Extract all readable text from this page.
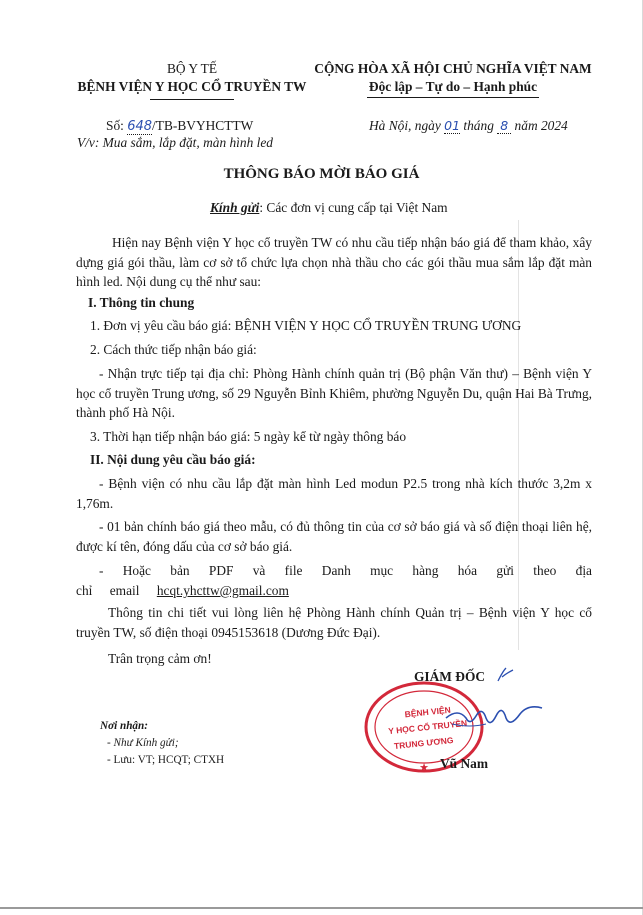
BỘ Y TẾ
BỆNH VIỆN Y HỌC CỔ TRUYỀN TW
Số: 648/TB-BVYHCTTW
V/v: Mua sắm, lắp đặt, màn hình led
CỘNG HÒA XÃ HỘI CHỦ NGHĨA VIỆT NAM
Độc lập – Tự do – Hạnh phúc
Hà Nội, ngày 01 tháng 8 năm 2024
THÔNG BÁO MỜI BÁO GIÁ
Kính gửi: Các đơn vị cung cấp tại Việt Nam
Hiện nay Bệnh viện Y học cổ truyền TW có nhu cầu tiếp nhận báo giá để tham khảo, xây dựng giá gói thầu, làm cơ sở tổ chức lựa chọn nhà thầu cho các gói thầu mua sắm lắp đặt màn hình led. Nội dung cụ thể như sau:
I. Thông tin chung
1. Đơn vị yêu cầu báo giá: BỆNH VIỆN Y HỌC CỔ TRUYỀN TRUNG ƯƠNG
2. Cách thức tiếp nhận báo giá:
- Nhận trực tiếp tại địa chỉ: Phòng Hành chính quản trị (Bộ phận Văn thư) – Bệnh viện Y học cổ truyền Trung ương, số 29 Nguyễn Bỉnh Khiêm, phường Nguyễn Du, quận Hai Bà Trưng, thành phố Hà Nội.
3. Thời hạn tiếp nhận báo giá: 5 ngày kể từ ngày thông báo
II. Nội dung yêu cầu báo giá:
- Bệnh viện có nhu cầu lắp đặt màn hình Led modun P2.5 trong nhà kích thước 3,2m x 1,76m.
- 01 bản chính báo giá theo mẫu, có đủ thông tin của cơ sở báo giá và số điện thoại liên hệ, được kí tên, đóng dấu của cơ sở báo giá.
- Hoặc bản PDF và file Danh mục hàng hóa gửi theo địa chỉ email hcqt.yhcttw@gmail.com
Thông tin chi tiết vui lòng liên hệ Phòng Hành chính Quản trị – Bệnh viện Y học cổ truyền TW, số điện thoại 0945153618 (Dương Đức Đại).
Trân trọng cảm ơn!
Nơi nhận:
- Như Kính gửi;
- Lưu: VT; HCQT; CTXH
GIÁM ĐỐC
BỆNH VIỆN
Y HỌC CỔ TRUYỀN
TRUNG ƯƠNG
★ Vũ Nam
